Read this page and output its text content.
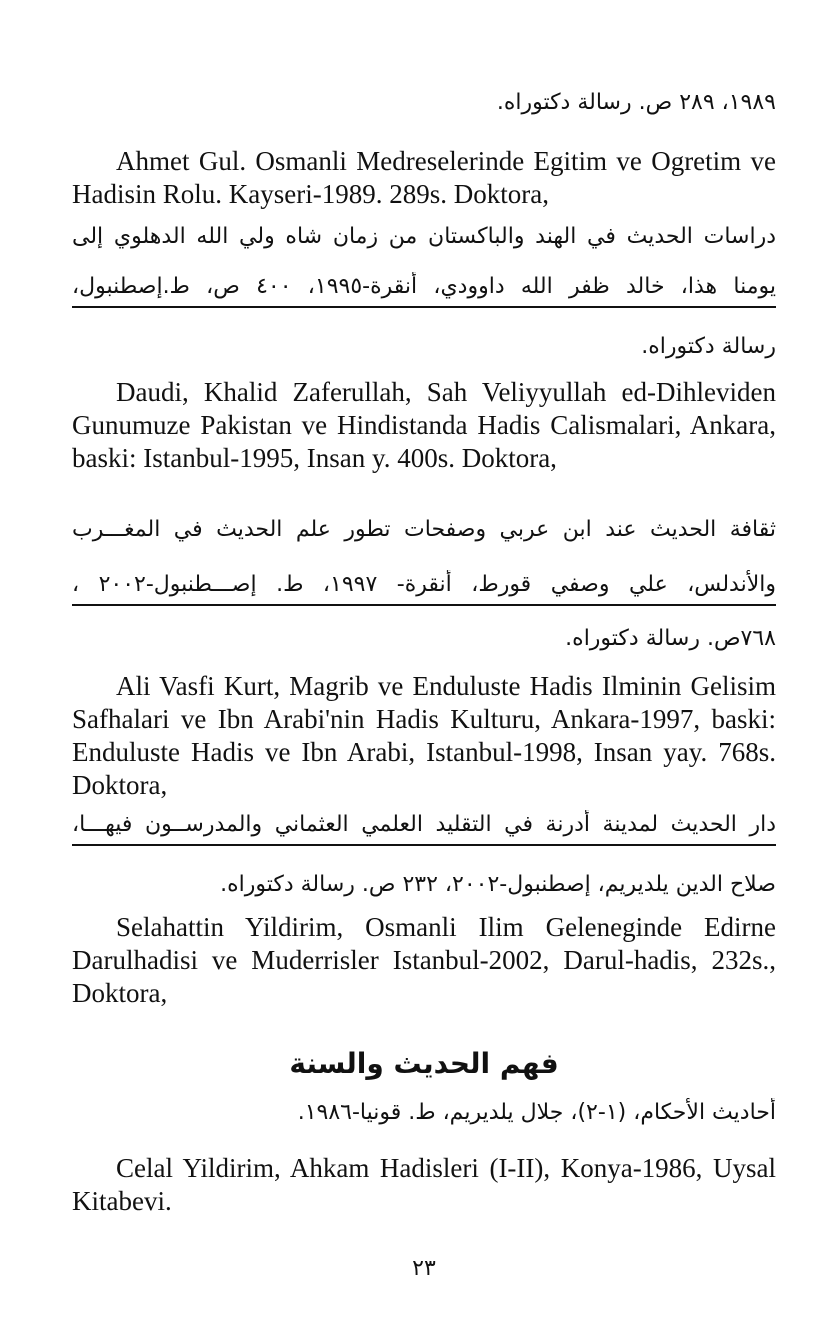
١٩٨٩، ٢٨٩ ص. رسالة دكتوراه.
Ahmet Gul. Osmanli Medreselerinde Egitim ve Ogretim ve Hadisin Rolu. Kayseri-1989. 289s. Doktora,
دراسات الحديث في الهند والباكستان من زمان شاه ولي الله الدهلوي إلى
يومنا هذا، خالد ظفر الله داوودي، أنقرة-١٩٩٥، ٤٠٠ ص، ط.إصطنبول،
رسالة دكتوراه.
Daudi, Khalid Zaferullah, Sah Veliyyullah ed-Dihleviden Gunumuze Pakistan ve Hindistanda Hadis Calismalari, Ankara, baski: Istanbul-1995, Insan y. 400s. Doktora,
ثقافة الحديث عند ابن عربي وصفحات تطور علم الحديث في المغـــرب
والأندلس، علي وصفي قورط، أنقرة- ١٩٩٧، ط. إصـــطنبول-٢٠٠٢ ،
٧٦٨ص. رسالة دكتوراه.
Ali Vasfi Kurt, Magrib ve Enduluste Hadis Ilminin Gelisim Safhalari ve Ibn Arabi'nin Hadis Kulturu, Ankara-1997, baski: Enduluste Hadis ve Ibn Arabi, Istanbul-1998, Insan yay. 768s. Doktora,
دار الحديث لمدينة أدرنة في التقليد العلمي العثماني والمدرســون فيهـــا،
صلاح الدين يلديريم، إصطنبول-٢٠٠٢، ٢٣٢ ص. رسالة دكتوراه.
Selahattin Yildirim, Osmanli Ilim Geleneginde Edirne Darulhadisi ve Muderrisler Istanbul-2002, Darul-hadis, 232s., Doktora,
فهم الحديث والسنة
أحاديث الأحكام، (١-٢)، جلال يلديريم، ط. قونيا-١٩٨٦.
Celal Yildirim, Ahkam Hadisleri (I-II), Konya-1986, Uysal Kitabevi.
٢٣
